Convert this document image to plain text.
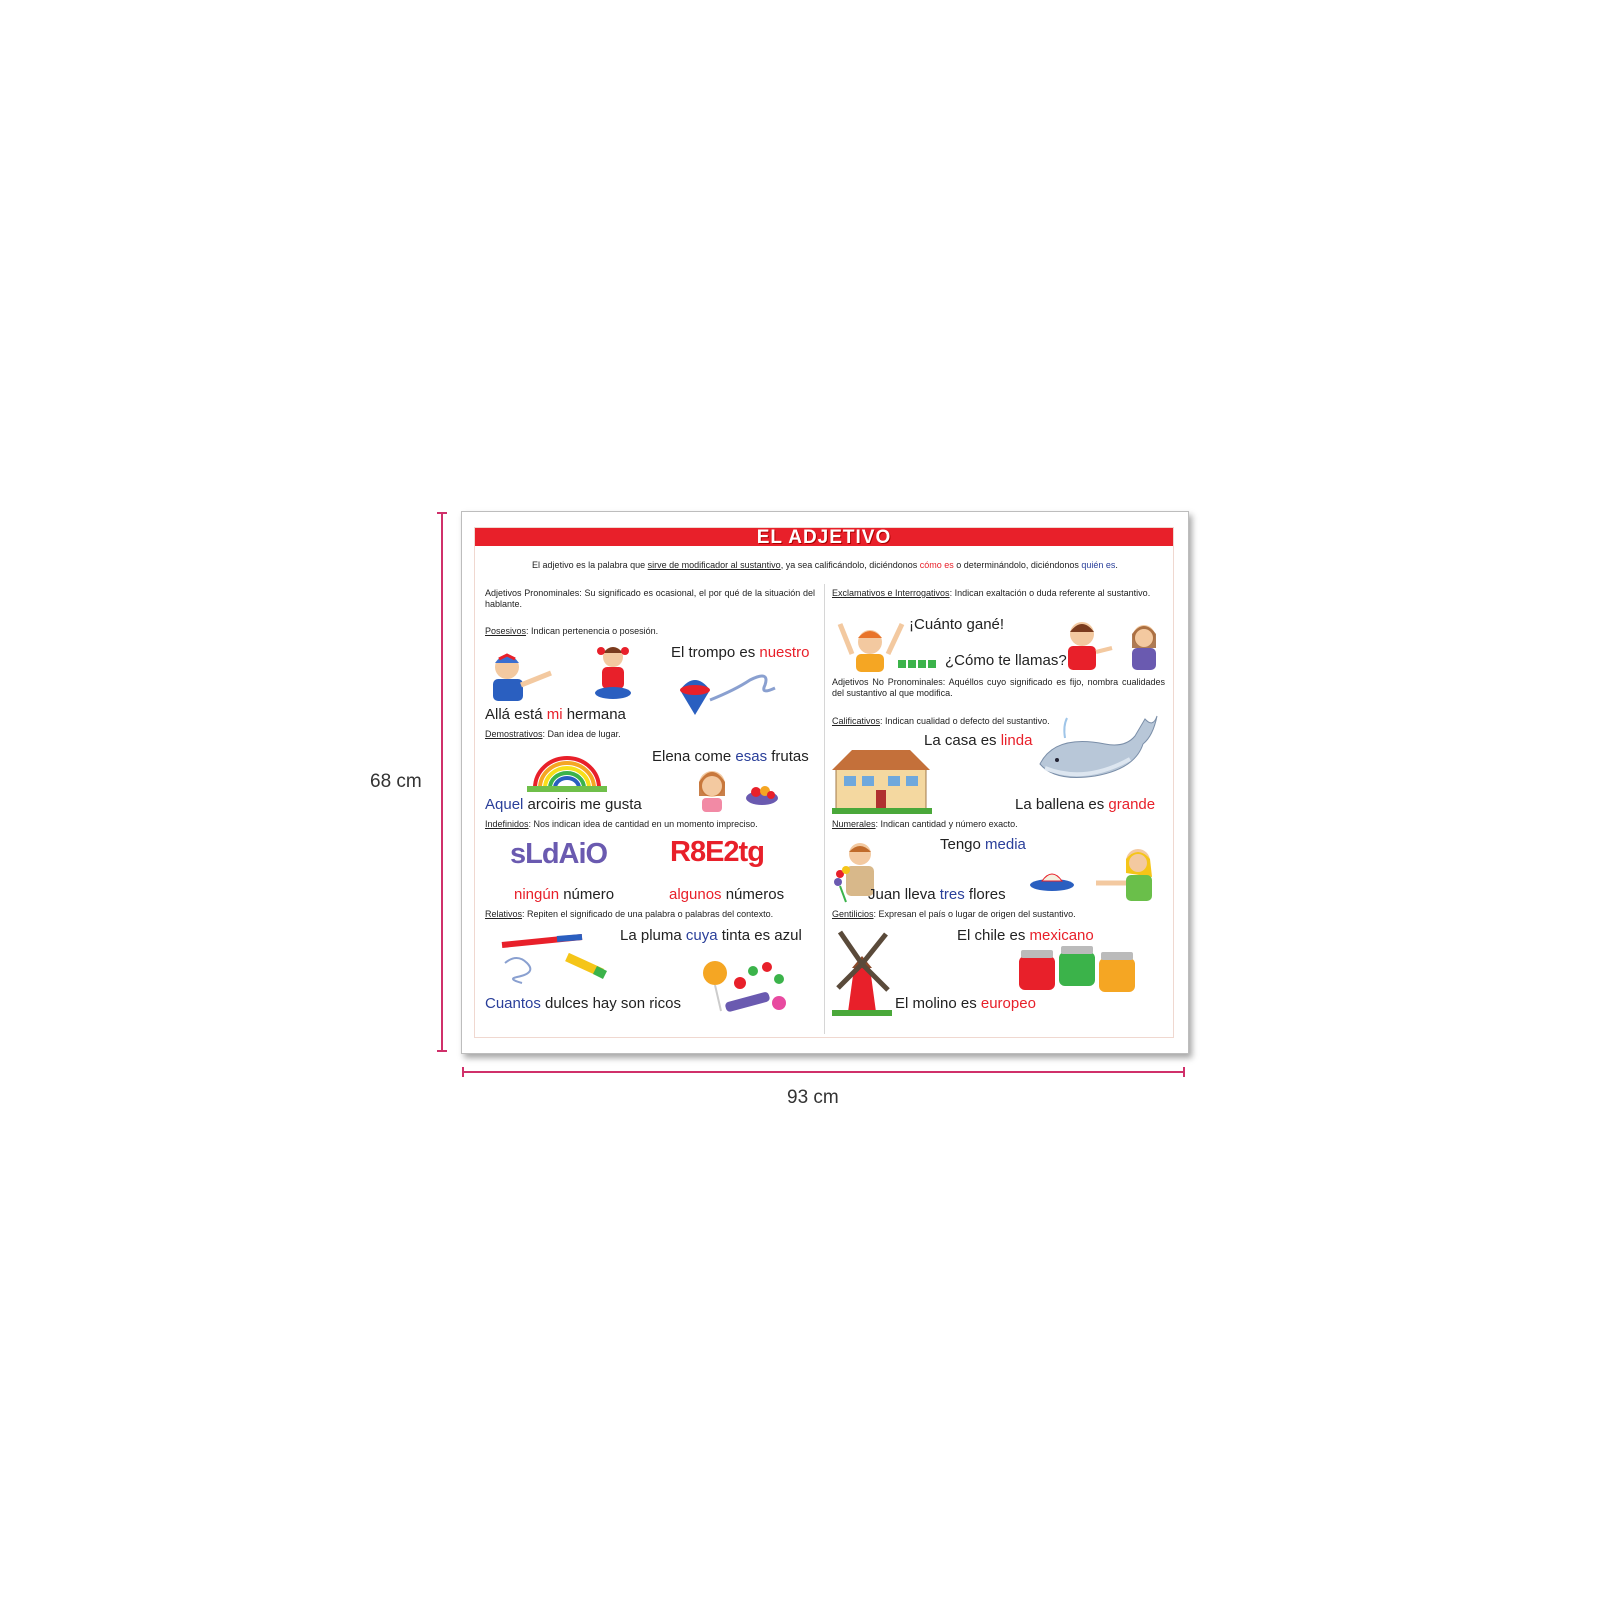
68 cm
93 cm
EL ADJETIVO
El adjetivo es la palabra que sirve de modificador al sustantivo, ya sea calificándolo, diciéndonos cómo es o determinándolo, diciéndonos quién es.
Adjetivos Pronominales: Su significado es ocasional, el por qué de la situación del hablante.
Posesivos: Indican pertenencia o posesión.
El trompo es nuestro
Allá está mi hermana
Demostrativos: Dan idea de lugar.
Elena come esas frutas
Aquel arcoiris me gusta
Indefinidos: Nos indican idea de cantidad en un momento impreciso.
sLdAiO R8E2tg
ningún número	algunos números
Relativos: Repiten el significado de una palabra o palabras del contexto.
La pluma cuya tinta es azul
Cuantos dulces hay son ricos
Exclamativos e Interrogativos: Indican exaltación o duda referente al sustantivo.
¡Cuánto gané!
¿Cómo te llamas?
Adjetivos No Pronominales: Aquéllos cuyo significado es fijo, nombra cualidades del sustantivo al que modifica.
Calificativos: Indican cualidad o defecto del sustantivo.
La casa es linda
La ballena es grande
Numerales: Indican cantidad y número exacto.
Tengo media
Juan lleva tres flores
Gentilicios: Expresan el país o lugar de origen del sustantivo.
El chile es mexicano
El molino es europeo
